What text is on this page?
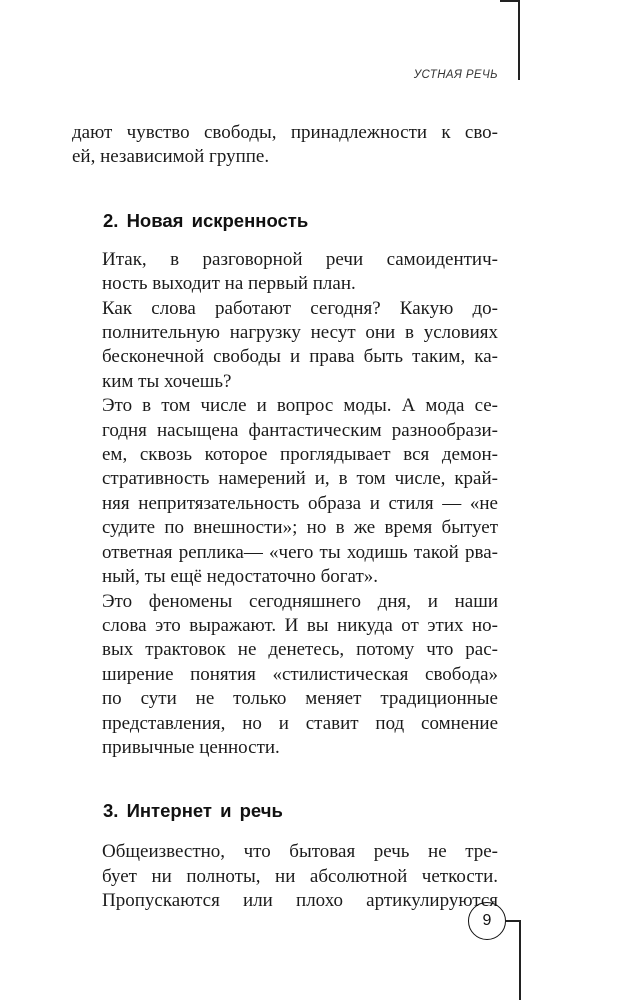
УСТНАЯ РЕЧЬ

дают чувство свободы, принадлежности к сво-
ей, независимой группе.

2. Новая искренность

Итак, в разговорной речи самоидентич-
ность выходит на первый план.

Как слова работают сегодня? Какую до-
полнительную нагрузку несут они в условиях
бесконечной свободы и права быть таким, ка-
ким ты хочешь?

Это в том числе и вопрос моды. А мода се-
годня насыщена фантастическим разнообрази-
ем, сквозь которое проглядывает вся демон-
стративность намерений и, в том числе, край-
няя непритязательность образа и стиля — «не
судите по внешности»; но в же время бытует
ответная реплика— «чего ты ходишь такой рва-
ный, ты ещё недостаточно богат».

Это феномены сегодняшнего дня, и наши
слова это выражают. И вы никуда от этих но-
вых трактовок не денетесь, потому что рас-
ширение понятия «стилистическая свобода»
по сути не только меняет традиционные
представления, но и ставит под сомнение
привычные ценности.

3. Интернет и речь

Общеизвестно, что бытовая речь не тре-
бует ни полноты, ни абсолютной четкости.
Пропускаются или плохо артикулируются

9
